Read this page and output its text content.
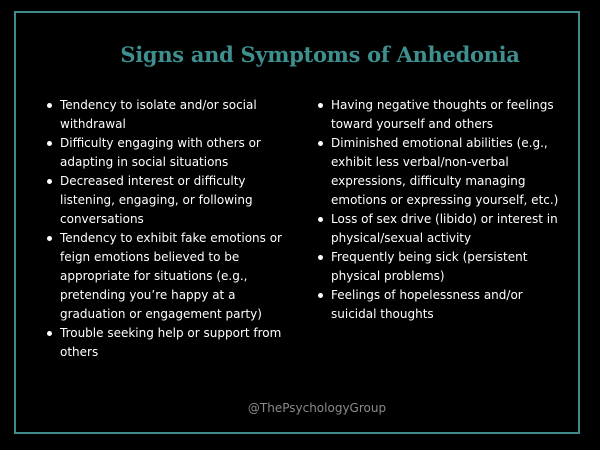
Signs and Symptoms of Anhedonia
Tendency to isolate and/or social withdrawal
Difficulty engaging with others or adapting in social situations
Decreased interest or difficulty listening, engaging, or following conversations
Tendency to exhibit fake emotions or feign emotions believed to be appropriate for situations (e.g., pretending you’re happy at a graduation or engagement party)
Trouble seeking help or support from others
Having negative thoughts or feelings toward yourself and others
Diminished emotional abilities (e.g., exhibit less verbal/non-verbal expressions, difficulty managing emotions or expressing yourself, etc.)
Loss of sex drive (libido) or interest in physical/sexual activity
Frequently being sick (persistent physical problems)
Feelings of hopelessness and/or suicidal thoughts
@ThePsychologyGroup
